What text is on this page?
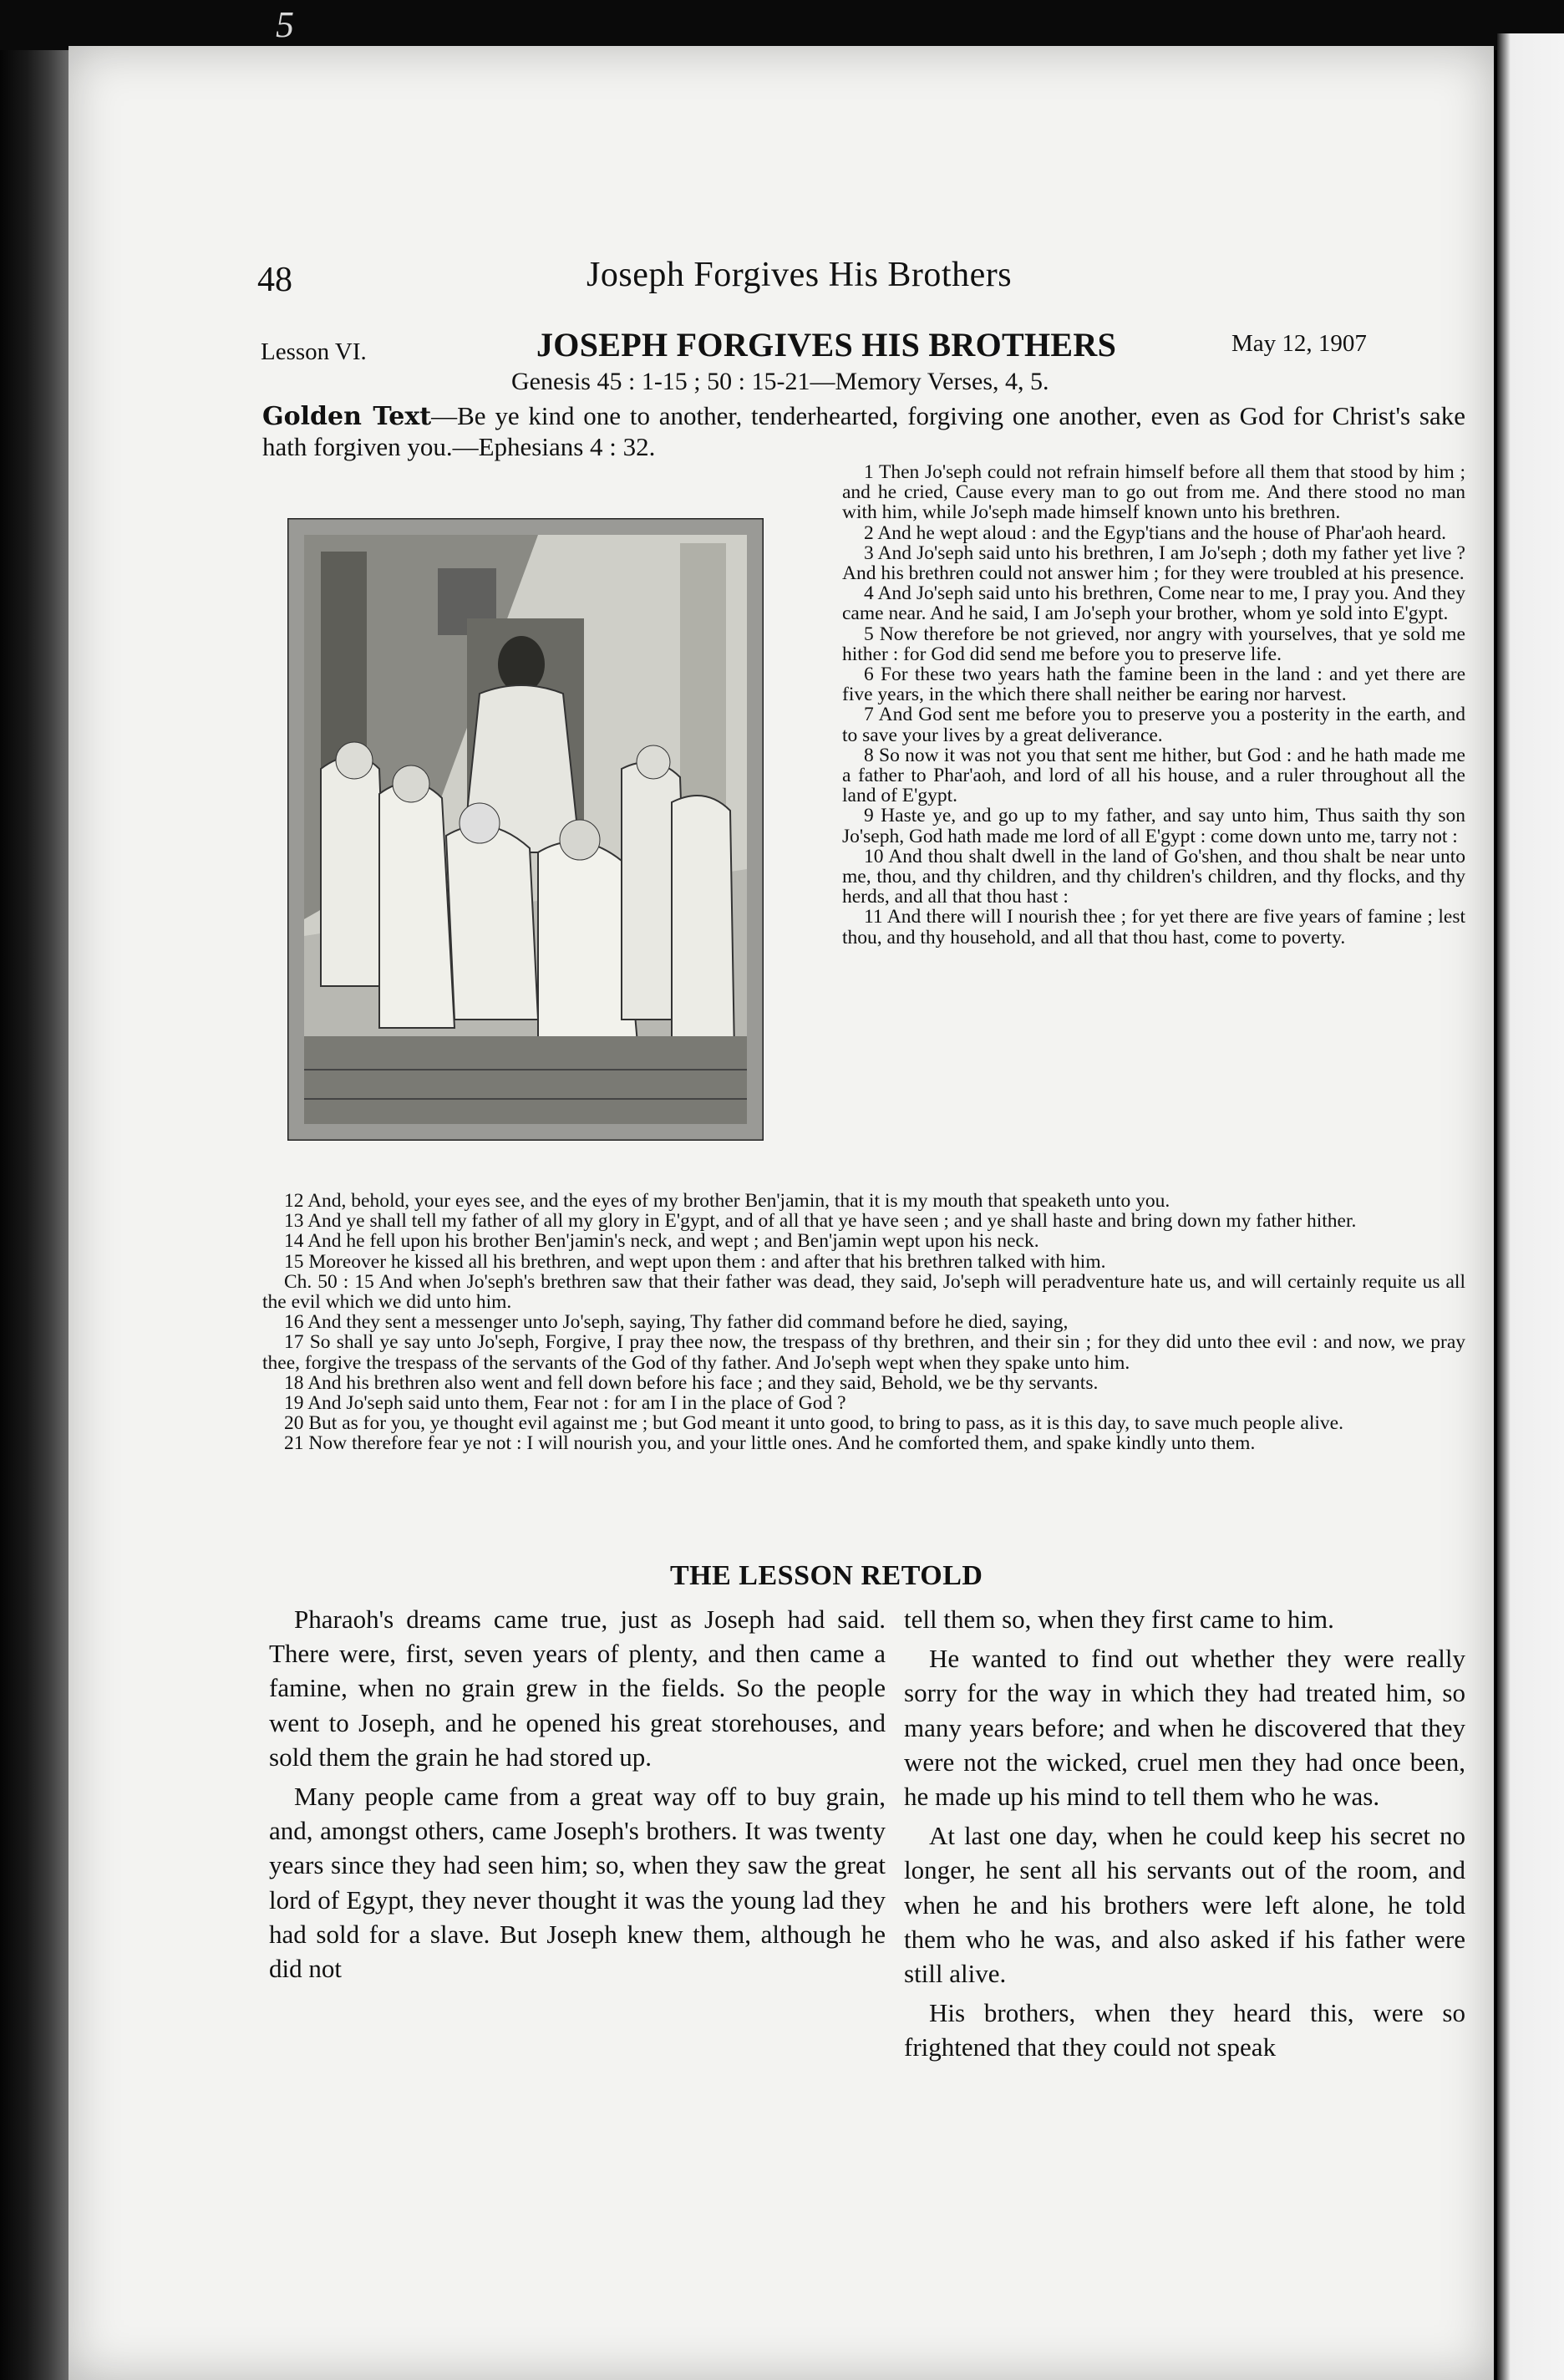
5
48	Joseph Forgives His Brothers
Lesson VI.	JOSEPH FORGIVES HIS BROTHERS	May 12, 1907
Genesis 45 : 1-15 ; 50 : 15-21—Memory Verses, 4, 5.
Golden Text—Be ye kind one to another, tenderhearted, forgiving one another, even as God for Christ's sake hath forgiven you.—Ephesians 4 : 32.

1 Then Jo'seph could not refrain himself before all them that stood by him ; and he cried, Cause every man to go out from me. And there stood no man with him, while Jo'seph made himself known unto his brethren.

2 And he wept aloud : and the Egyp'tians and the house of Phar'aoh heard.

3 And Jo'seph said unto his brethren, I am Jo'seph ; doth my father yet live ? And his brethren could not answer him ; for they were troubled at his presence.

4 And Jo'seph said unto his brethren, Come near to me, I pray you. And they came near. And he said, I am Jo'seph your brother, whom ye sold into E'gypt.

5 Now therefore be not grieved, nor angry with yourselves, that ye sold me hither : for God did send me before you to preserve life.

6 For these two years hath the famine been in the land : and yet there are five years, in the which there shall neither be earing nor harvest.

7 And God sent me before you to preserve you a posterity in the earth, and to save your lives by a great deliverance.

8 So now it was not you that sent me hither, but God : and he hath made me a father to Phar'aoh, and lord of all his house, and a ruler throughout all the land of E'gypt.

9 Haste ye, and go up to my father, and say unto him, Thus saith thy son Jo'seph, God hath made me lord of all E'gypt : come down unto me, tarry not :

10 And thou shalt dwell in the land of Go'shen, and thou shalt be near unto me, thou, and thy children, and thy children's children, and thy flocks, and thy herds, and all that thou hast :

11 And there will I nourish thee ; for yet there are five years of famine ; lest thou, and thy household, and all that thou hast, come to poverty.

12 And, behold, your eyes see, and the eyes of my brother Ben'jamin, that it is my mouth that speaketh unto you.

13 And ye shall tell my father of all my glory in E'gypt, and of all that ye have seen ; and ye shall haste and bring down my father hither.

14 And he fell upon his brother Ben'jamin's neck, and wept ; and Ben'jamin wept upon his neck.

15 Moreover he kissed all his brethren, and wept upon them : and after that his brethren talked with him.

Ch. 50 : 15 And when Jo'seph's brethren saw that their father was dead, they said, Jo'seph will peradventure hate us, and will certainly requite us all the evil which we did unto him.

16 And they sent a messenger unto Jo'seph, saying, Thy father did command before he died, saying,

17 So shall ye say unto Jo'seph, Forgive, I pray thee now, the trespass of thy brethren, and their sin ; for they did unto thee evil : and now, we pray thee, forgive the trespass of the servants of the God of thy father. And Jo'seph wept when they spake unto him.

18 And his brethren also went and fell down before his face ; and they said, Behold, we be thy servants.

19 And Jo'seph said unto them, Fear not : for am I in the place of God ?

20 But as for you, ye thought evil against me ; but God meant it unto good, to bring to pass, as it is this day, to save much people alive.

21 Now therefore fear ye not : I will nourish you, and your little ones. And he comforted them, and spake kindly unto them.

THE LESSON RETOLD

Pharaoh's dreams came true, just as Joseph had said. There were, first, seven years of plenty, and then came a famine, when no grain grew in the fields. So the people went to Joseph, and he opened his great storehouses, and sold them the grain he had stored up.

Many people came from a great way off to buy grain, and, amongst others, came Joseph's brothers. It was twenty years since they had seen him; so, when they saw the great lord of Egypt, they never thought it was the young lad they had sold for a slave. But Joseph knew them, although he did not

tell them so, when they first came to him.

He wanted to find out whether they were really sorry for the way in which they had treated him, so many years before; and when he discovered that they were not the wicked, cruel men they had once been, he made up his mind to tell them who he was.

At last one day, when he could keep his secret no longer, he sent all his servants out of the room, and when he and his brothers were left alone, he told them who he was, and also asked if his father were still alive.

His brothers, when they heard this, were so frightened that they could not speak
